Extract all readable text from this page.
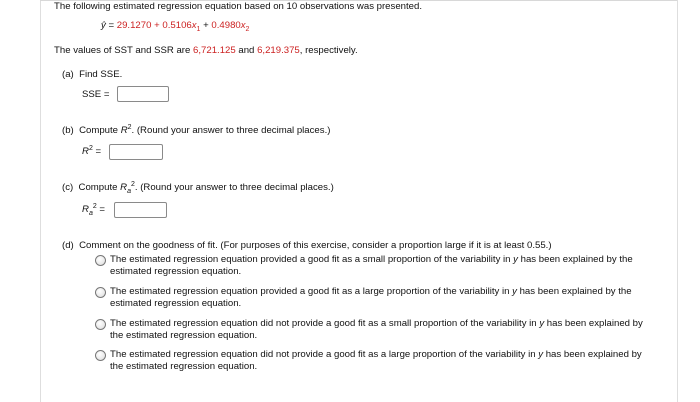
The following estimated regression equation based on 10 observations was presented.
ŷ = $29.1270 + 0.5106x_1 + 0.4980x_2$
The values of SST and SSR are 6,721.125 and 6,219.375, respectively.
(a) Find SSE.
SSE =
(b) Compute $R^2$. (Round your answer to three decimal places.)
$R^2$ =
(c) Compute $R_a^2$. (Round your answer to three decimal places.)
$R_a^2$ =
(d) Comment on the goodness of fit. (For purposes of this exercise, consider a proportion large if it is at least 0.55.)
The estimated regression equation provided a good fit as a small proportion of the variability in y has been explained by the estimated regression equation.
The estimated regression equation provided a good fit as a large proportion of the variability in y has been explained by the estimated regression equation.
The estimated regression equation did not provide a good fit as a small proportion of the variability in y has been explained by the estimated regression equation.
The estimated regression equation did not provide a good fit as a large proportion of the variability in y has been explained by the estimated regression equation.
